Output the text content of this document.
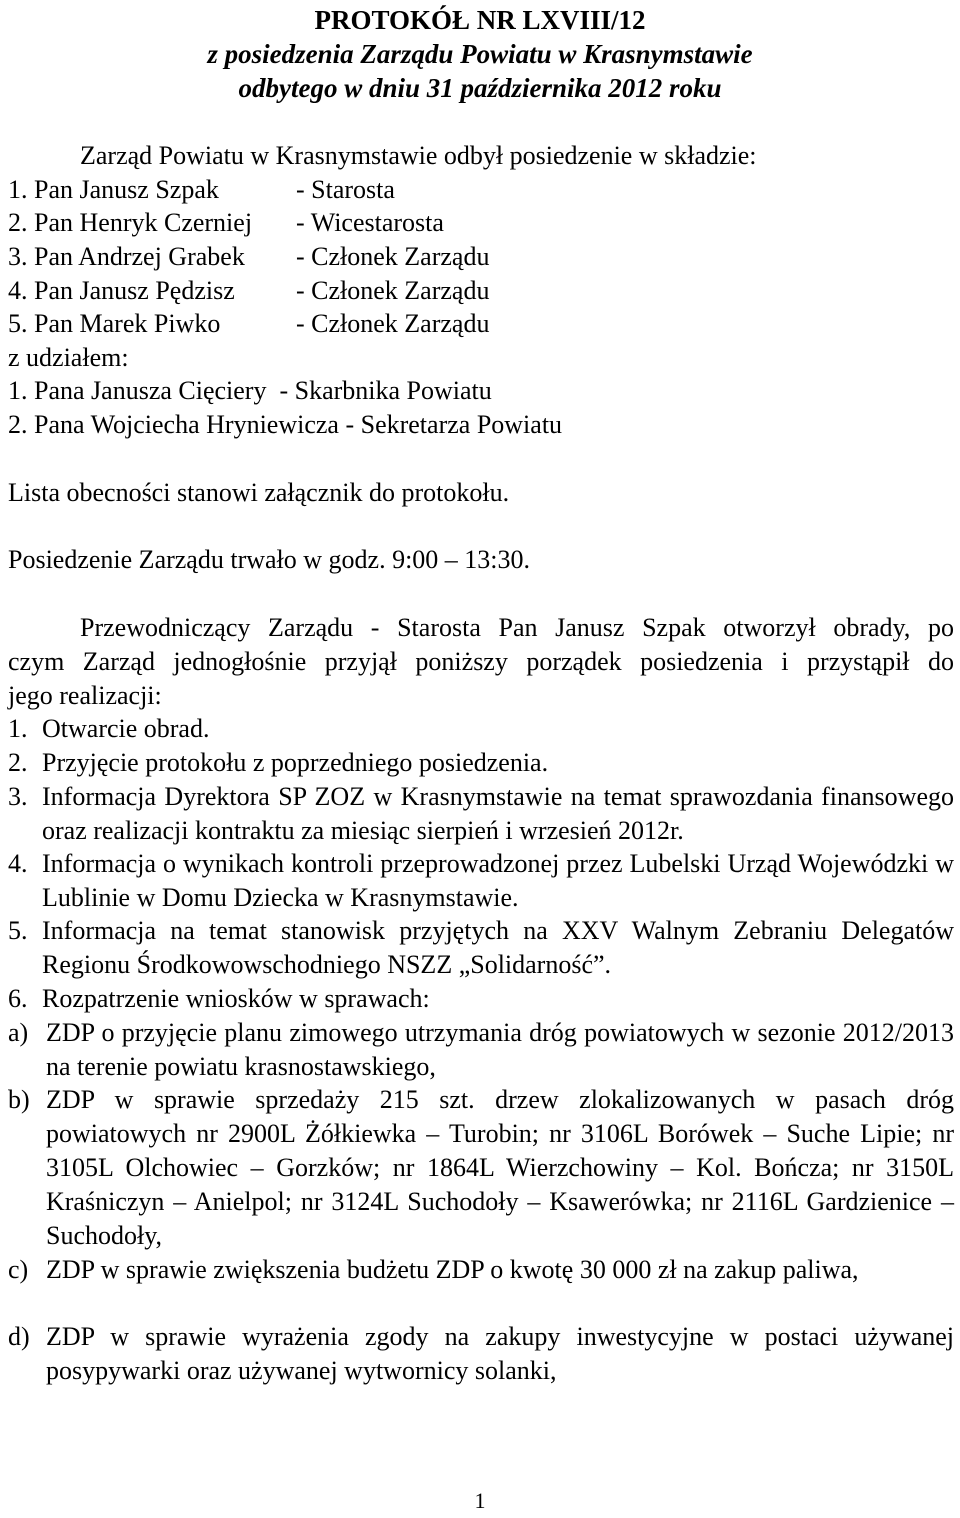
PROTOKÓŁ NR LXVIII/12
z posiedzenia Zarządu Powiatu w Krasnymstawie
odbytego w dniu 31 października 2012 roku
Zarząd Powiatu w Krasnymstawie odbył posiedzenie w składzie:
1. Pan Janusz Szpak	- Starosta
2. Pan Henryk Czerniej - Wicestarosta
3. Pan Andrzej Grabek - Członek Zarządu
4. Pan Janusz Pędzisz - Członek Zarządu
5. Pan Marek Piwko	- Członek Zarządu
z udziałem:
1. Pana Janusza Cięciery  - Skarbnika Powiatu
2. Pana Wojciecha Hryniewicza - Sekretarza Powiatu
Lista obecności stanowi załącznik do protokołu.
Posiedzenie Zarządu trwało w godz. 9:00 – 13:30.
Przewodniczący Zarządu - Starosta Pan Janusz Szpak otworzył obrady, po
czym Zarząd jednogłośnie przyjął poniższy porządek posiedzenia i przystąpił do
jego realizacji:
1. Otwarcie obrad.
2. Przyjęcie protokołu z poprzedniego posiedzenia.
3. Informacja Dyrektora SP ZOZ w Krasnymstawie na temat sprawozdania finansowego oraz realizacji kontraktu za miesiąc sierpień i wrzesień 2012r.
4. Informacja o wynikach kontroli przeprowadzonej przez Lubelski Urząd Wojewódzki w Lublinie w Domu Dziecka w Krasnymstawie.
5. Informacja na temat stanowisk przyjętych na XXV Walnym Zebraniu Delegatów Regionu Środkowowschodniego NSZZ „Solidarność”.
6. Rozpatrzenie wniosków w sprawach:
a) ZDP o przyjęcie planu zimowego utrzymania dróg powiatowych w sezonie 2012/2013 na terenie powiatu krasnostawskiego,
b) ZDP w sprawie sprzedaży 215 szt. drzew zlokalizowanych w pasach dróg powiatowych nr 2900L Żółkiewka – Turobin; nr 3106L Borówek – Suche Lipie; nr 3105L Olchowiec – Gorzków; nr 1864L Wierzchowiny – Kol. Bończa; nr 3150L Kraśniczyn – Anielpol; nr 3124L Suchodoły – Ksawerówka; nr 2116L Gardzienice – Suchodoły,
c) ZDP w sprawie zwiększenia budżetu ZDP o kwotę 30 000 zł na zakup paliwa,
d) ZDP w sprawie wyrażenia zgody na zakupy inwestycyjne w postaci używanej posypywarki oraz używanej wytwornicy solanki,
1
